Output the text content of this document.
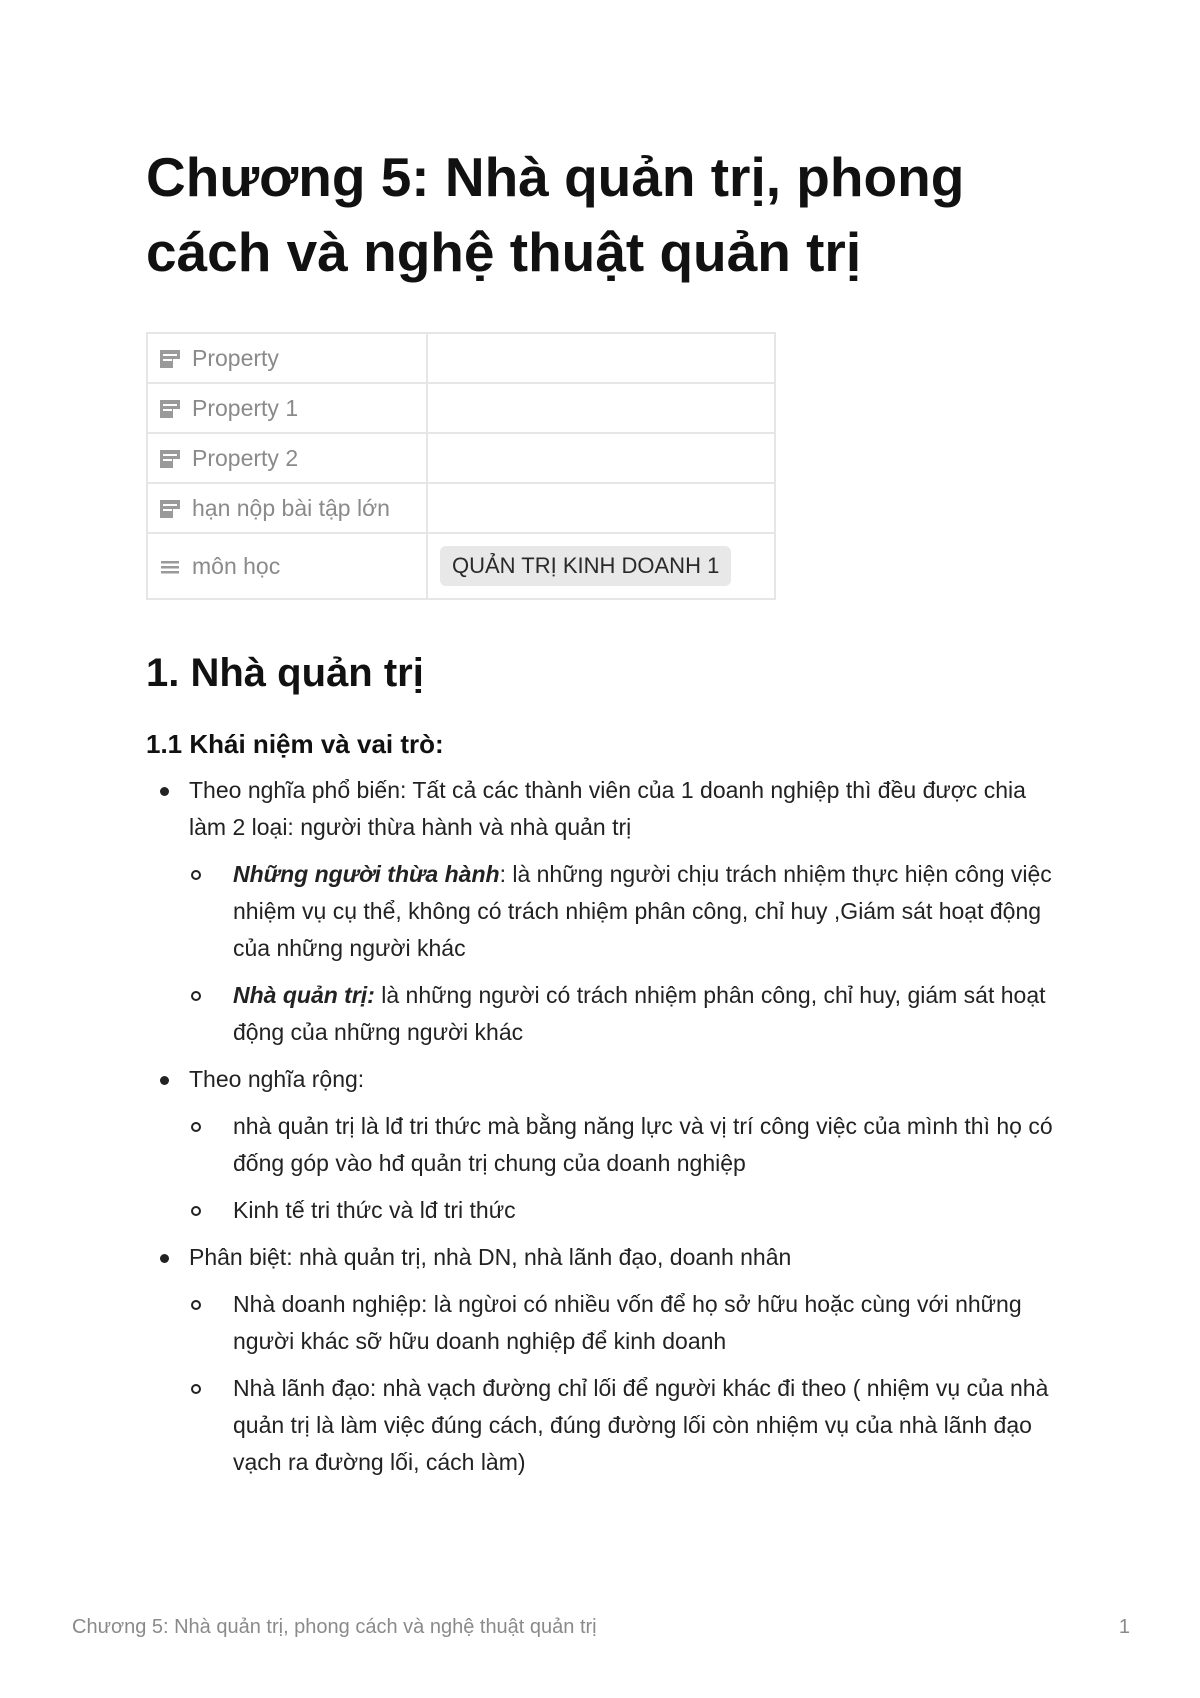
Chương 5: Nhà quản trị, phong cách và nghệ thuật quản trị
Property	
Property 1	
Property 2	
hạn nộp bài tập lớn	
môn học	QUẢN TRỊ KINH DOANH 1
1. Nhà quản trị
1.1 Khái niệm và vai trò:
Theo nghĩa phổ biến: Tất cả các thành viên của 1 doanh nghiệp thì đều được chia làm 2 loại: người thừa hành và nhà quản trị
Những người thừa hành: là những người chịu trách nhiệm thực hiện công việc nhiệm vụ cụ thể, không có trách nhiệm phân công, chỉ huy ,Giám sát hoạt động của những người khác
Nhà quản trị: là những người có trách nhiệm phân công, chỉ huy, giám sát hoạt động của những người khác
Theo nghĩa rộng:
nhà quản trị là lđ tri thức mà bằng năng lực và vị trí công việc của mình thì họ có đống góp vào hđ quản trị chung của doanh nghiệp
Kinh tế tri thức và lđ tri thức
Phân biệt: nhà quản trị, nhà DN, nhà lãnh đạo, doanh nhân
Nhà doanh nghiệp: là ngừoi có nhiều vốn để họ sở hữu hoặc cùng với những người khác sỡ hữu doanh nghiệp để kinh doanh
Nhà lãnh đạo: nhà vạch đường chỉ lối để người khác đi theo ( nhiệm vụ của nhà quản trị là làm việc đúng cách, đúng đường lối còn nhiệm vụ của nhà lãnh đạo vạch ra đường lối, cách làm)
Chương 5: Nhà quản trị, phong cách và nghệ thuật quản trị	1
